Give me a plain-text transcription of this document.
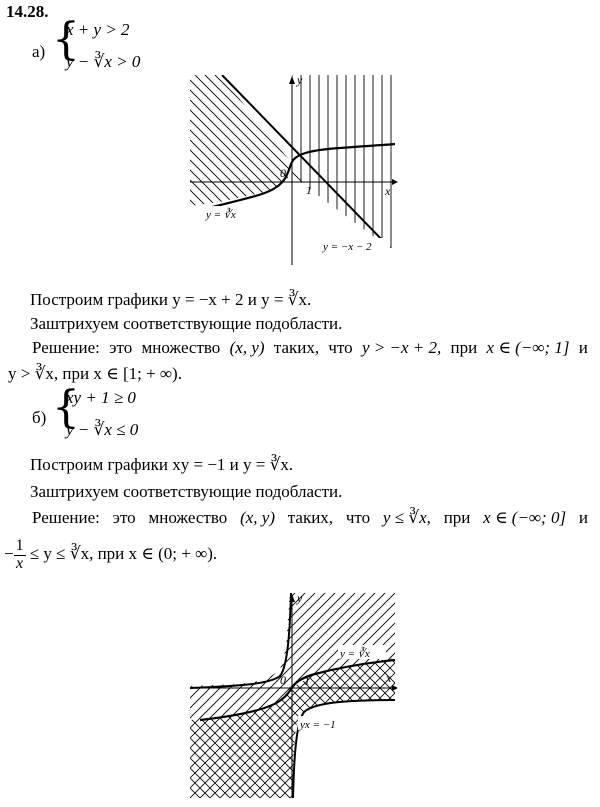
14.28.
а) {
x + y > 2
y − ∛x > 0
x
y
0
1
y = ∛x
y = −x − 2
Построим графики y = −x + 2 и y = ∛x.
Заштрихуем соответствующие подобласти.
Решение: это множество (x, y) таких, что y > −x + 2, при x ∈ (−∞; 1] и
y > ∛x, при x ∈ [1; + ∞).
б) {
xy + 1 ≥ 0
y − ∛x ≤ 0
Построим графики xy = −1 и y = ∛x.
Заштрихуем соответствующие подобласти.
Решение: это множество (x, y) таких, что y ≤ ∛x, при x ∈ (−∞; 0] и
− $\frac{1}{x} \le y$ ≤ ∛x, при x ∈ (0; + ∞).
x
y
0 1
y = ∛x
yx = −1
